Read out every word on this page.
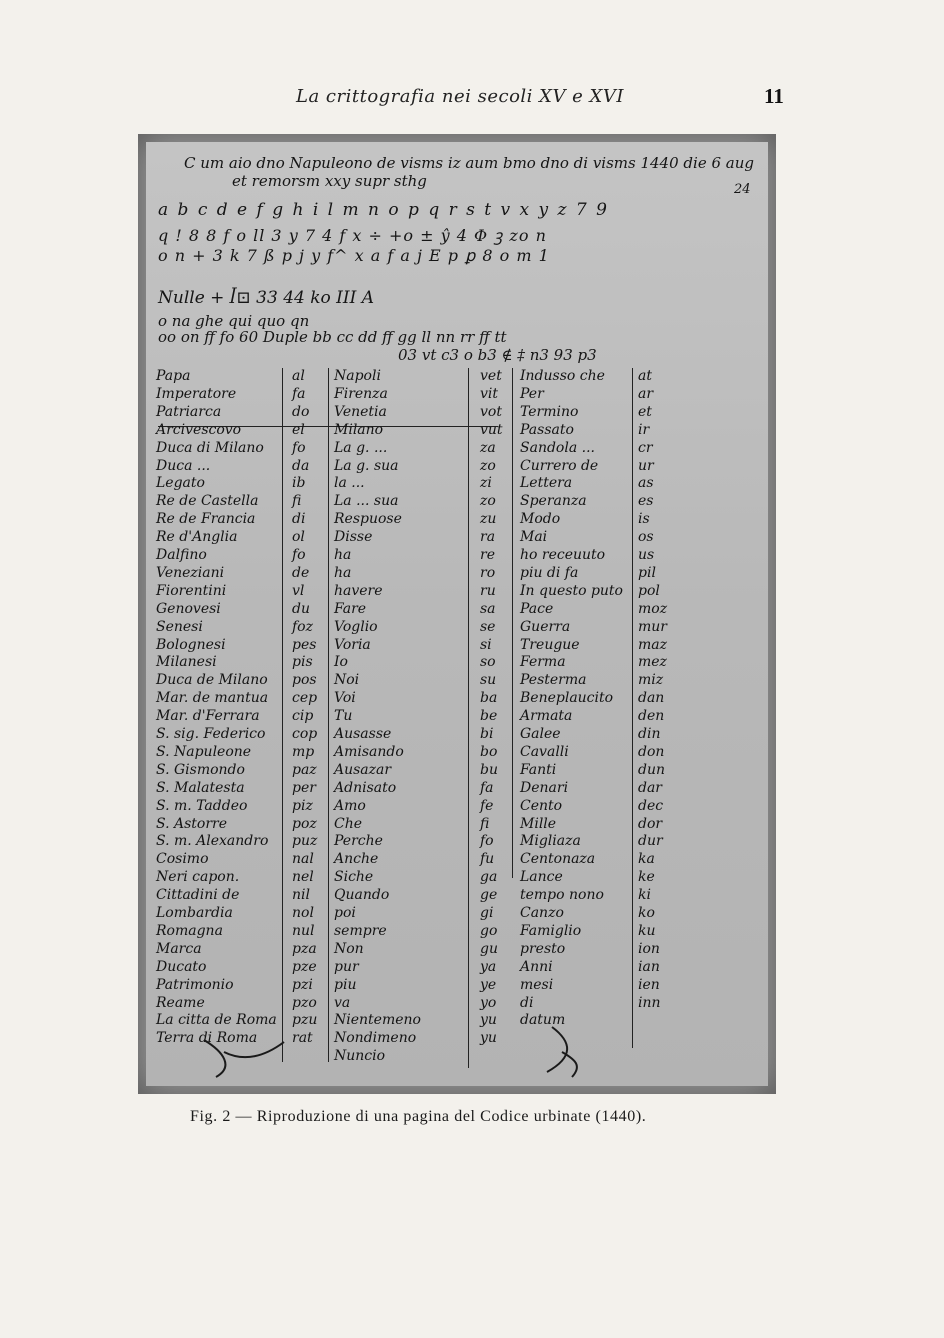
La crittografia nei secoli XV e XVI	11
C um aio dno Napuleono de visms iz aum bmo dno di visms 1440 die 6 aug
et remorsm xxy supr sthg
a b c d e f g h i l m n o p q r s t v x y z 7 9
q ! 8 8 f o ll 3 y 7 4 f x ÷ +o ± ŷ 4 Φ ꝫ zo n
o n + 3 k 7 ß p j y f^ x a f a j E p ꝑ 8 o m 1
Nulle + ꟾ⊡ 33 44 ko III A
o na ghe qui quo qn
oo on ff fo 60 Duple bb cc dd ff gg ll nn rr ff tt
03 vt c3 o b3 ∉ ‡ n3 93 p3
Papa
Imperatore
Patriarca
Arcivescovo
Duca di Milano
Duca ...
Legato
Re de Castella
Re de Francia
Re d'Anglia
Dalfino
Veneziani
Fiorentini
Genovesi
Senesi
Bolognesi
Milanesi
Duca de Milano
Mar. de mantua
Mar. d'Ferrara
S. sig. Federico
S. Napuleone
S. Gismondo
S. Malatesta
S. m. Taddeo
S. Astorre
S. m. Alexandro
Cosimo
Neri capon.
Cittadini de
Lombardia
Romagna
Marca
Ducato
Patrimonio
Reame
La citta de Roma
Terra di Roma
al
fa
do
el
fo
da
ib
fi
di
ol
fo
de
vl
du
foz
pes
pis
pos
cep
cip
cop
mp
paz
per
piz
poz
puz
nal
nel
nil
nol
nul
pza
pze
pzi
pzo
pzu
rat
Napoli
Firenza
Venetia
Milano
La g. ...
La g. sua
la ...
La ... sua
Respuose
Disse
ha
ha
havere
Fare
Voglio
Voria
Io
Noi
Voi
Tu
Ausasse
Amisando
Ausazar
Adnisato
Amo
Che
Perche
Anche
Siche
Quando
poi
sempre
Non
pur
piu
va
Nientemeno
Nondimeno
Nuncio
vet
vit
vot
vut
za
zo
zi
zo
zu
ra
re
ro
ru
sa
se
si
so
su
ba
be
bi
bo
bu
fa
fe
fi
fo
fu
ga
ge
gi
go
gu
ya
ye
yo
yu
yu
Indusso che
Per
Termino
Passato
Sandola ...
Currero de
Lettera
Speranza
Modo
Mai
ho receuuto
piu di fa
In questo puto
Pace
Guerra
Treugue
Ferma
Pesterma
Beneplaucito
Armata
Galee
Cavalli
Fanti
Denari
Cento
Mille
Migliaza
Centonaza
Lance
tempo nono
Canzo
Famiglio
presto
Anni
mesi
di
datum
at
ar
et
ir
cr
ur
as
es
is
os
us
pil
pol
moz
mur
maz
mez
miz
dan
den
din
don
dun
dar
dec
dor
dur
ka
ke
ki
ko
ku
ion
ian
ien
inn
24
Fig. 2 — Riproduzione di una pagina del Codice urbinate (1440).
